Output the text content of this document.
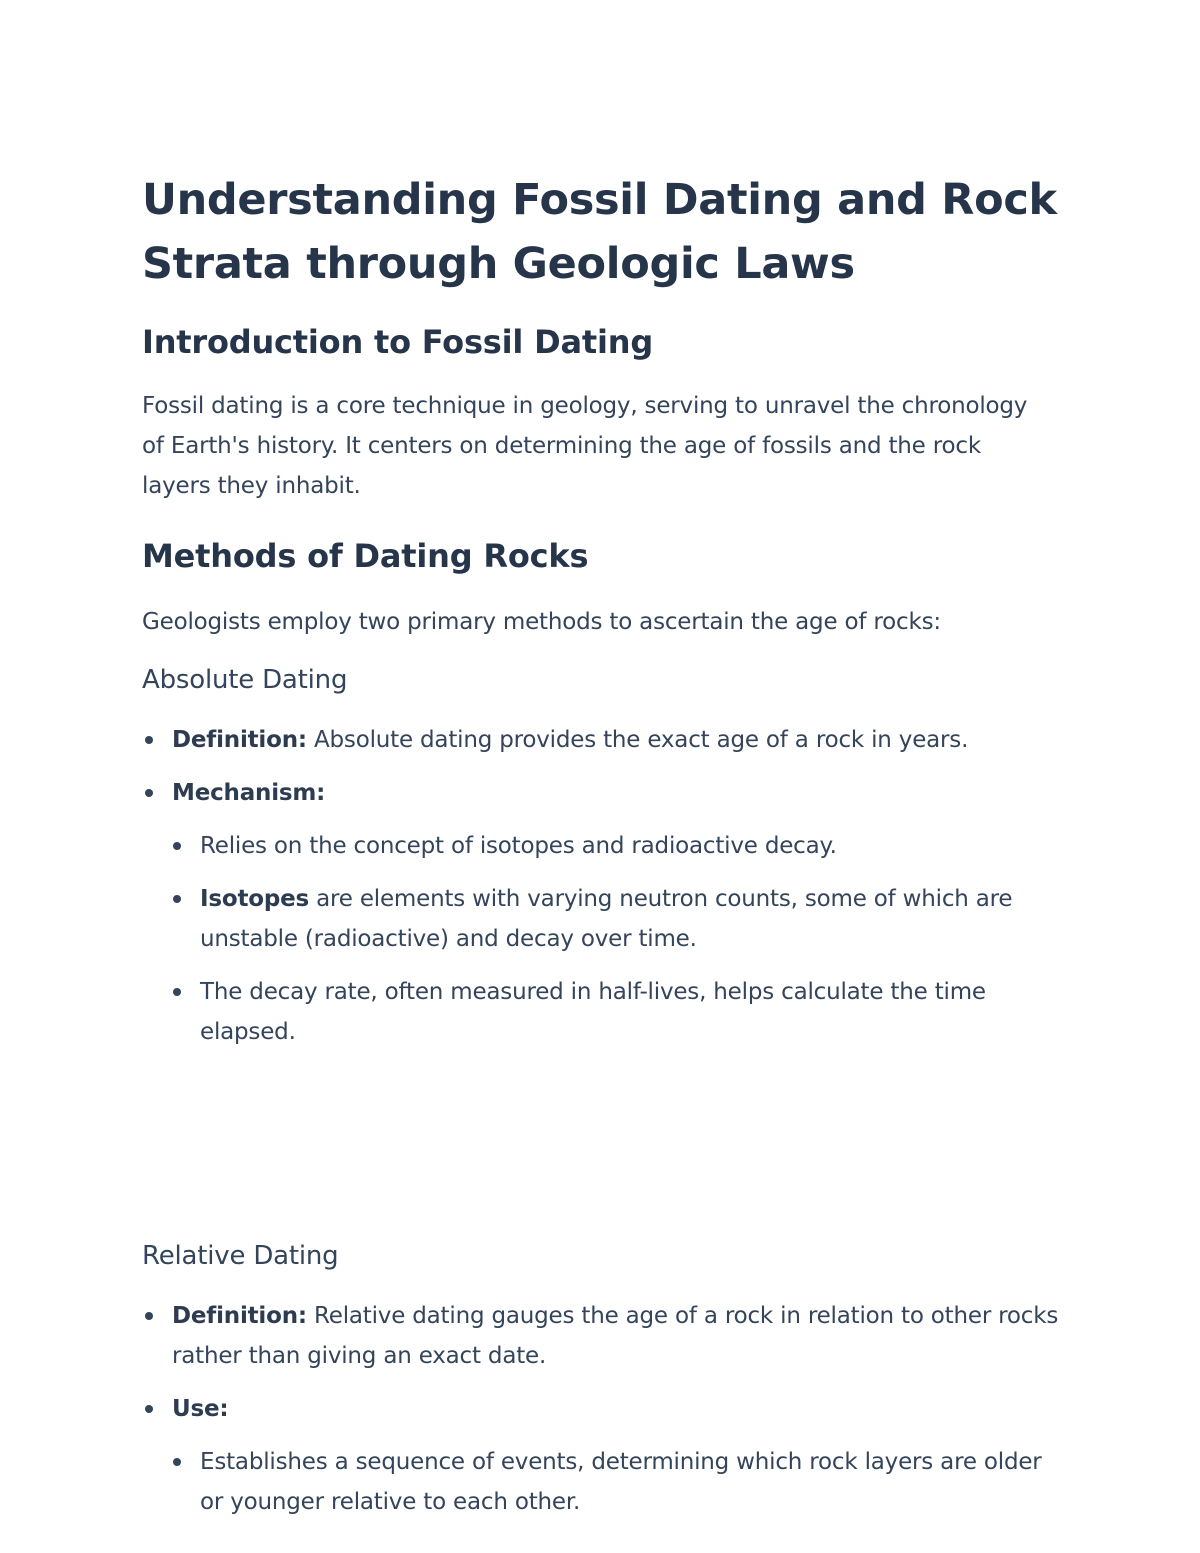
Understanding Fossil Dating and Rock Strata through Geologic Laws
Introduction to Fossil Dating

Fossil dating is a core technique in geology, serving to unravel the chronology of Earth's history. It centers on determining the age of fossils and the rock layers they inhabit.

Methods of Dating Rocks

Geologists employ two primary methods to ascertain the age of rocks:

Absolute Dating
Definition: Absolute dating provides the exact age of a rock in years.
Mechanism:
Relies on the concept of isotopes and radioactive decay.
Isotopes are elements with varying neutron counts, some of which are unstable (radioactive) and decay over time.
The decay rate, often measured in half-lives, helps calculate the time elapsed.
Relative Dating
Definition: Relative dating gauges the age of a rock in relation to other rocks rather than giving an exact date.
Use:
Establishes a sequence of events, determining which rock layers are older or younger relative to each other.
